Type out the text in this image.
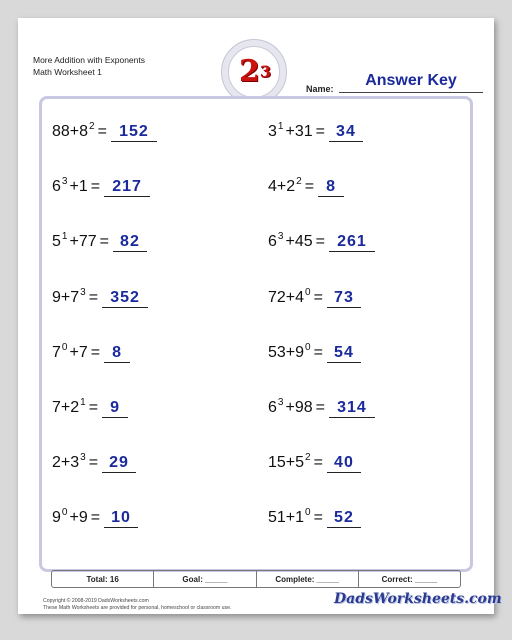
More Addition with Exponents
Math Worksheet 1	$2^3$
Name:	Answer Key
$88+8^2 = 152$	$3^1 +31 = 34$
$6^3 +1 = 217$	$4+2^2 = 8$
$5^1 +77 = 82$	$6^3 +45 = 261$
$9+7^3 = 352$	$72+4^0 = 73$
$7^0 +7 = 8$	$53+9^0 = 54$
$7+2^1 = 9$	$6^3 +98 = 314$
$2+3^3 = 29$	$15+5^2 = 40$
$9^0 +9 = 10$	$51+1^0 = 52$
Total: 16	Goal: _____	Complete: _____	Correct: _____
Copyright © 2008-2019 DadsWorksheets.com
These Math Worksheets are provided for personal, homeschool or classroom use.
DadsWorksheets.com
